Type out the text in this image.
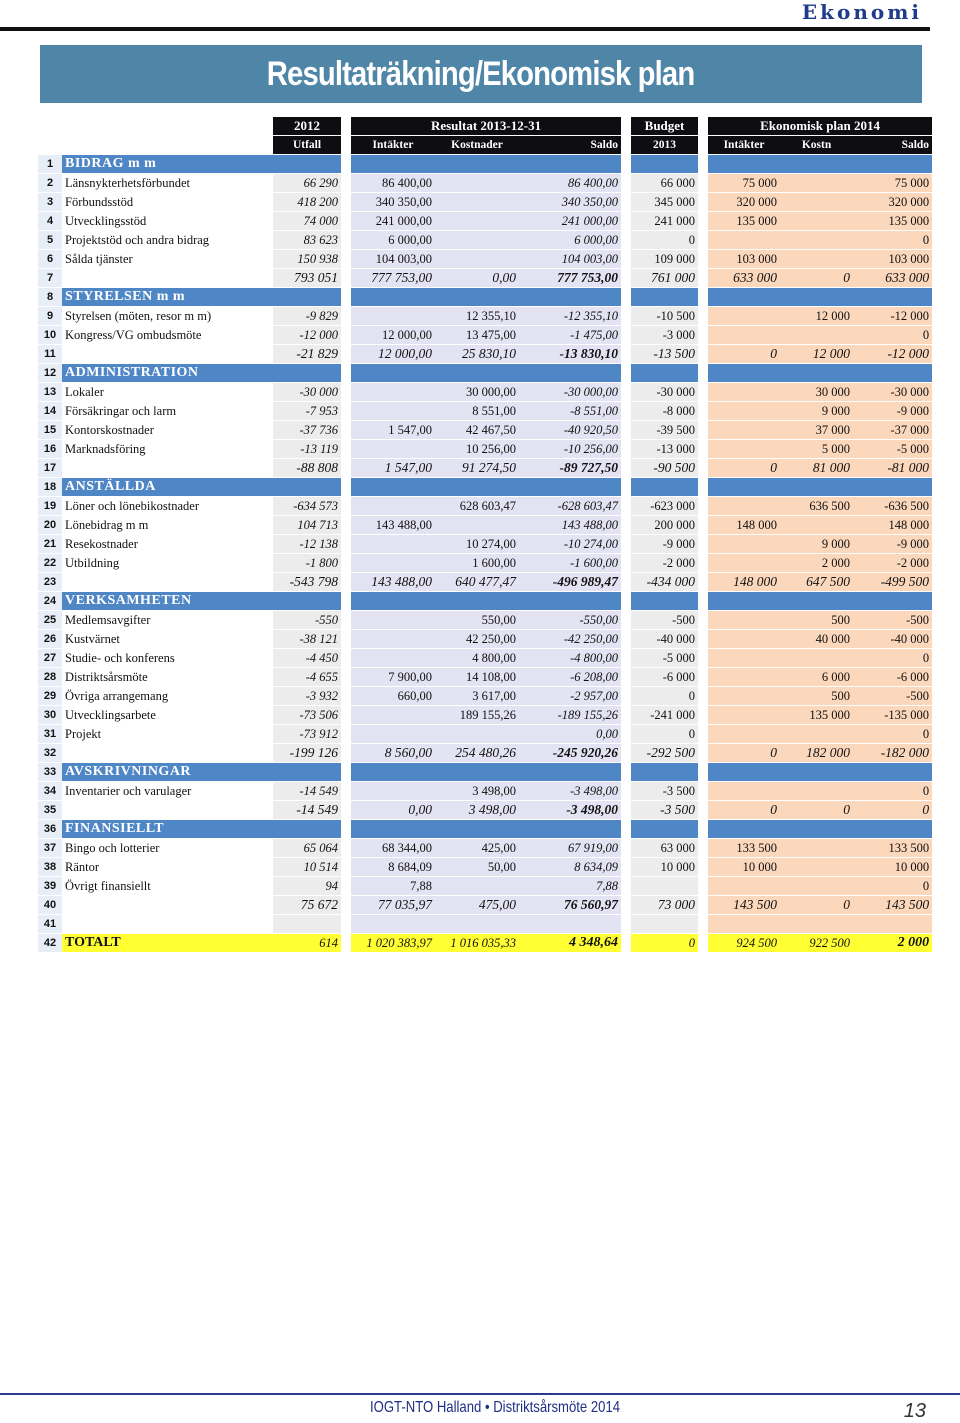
Ekonomi
Resultaträkning/Ekonomisk plan
		2012		Resultat 2013-12-31				Budget		Ekonomisk plan 2014		
		Utfall		Intäkter	Kostnader	Saldo		2013		Intäkter	Kostn	Saldo
1	BIDRAG m m											
2	Länsnykterhetsförbundet	66 290		86 400,00		86 400,00		66 000		75 000		75 000
3	Förbundsstöd	418 200		340 350,00		340 350,00		345 000		320 000		320 000
4	Utvecklingsstöd	74 000		241 000,00		241 000,00		241 000		135 000		135 000
5	Projektstöd och andra bidrag	83 623		6 000,00		6 000,00		0				0
6	Sålda tjänster	150 938		104 003,00		104 003,00		109 000		103 000		103 000
7		793 051		777 753,00	0,00	777 753,00		761 000		633 000	0	633 000
8	STYRELSEN m m											
9	Styrelsen (möten, resor m m)	-9 829			12 355,10	-12 355,10		-10 500			12 000	-12 000
10	Kongress/VG ombudsmöte	-12 000		12 000,00	13 475,00	-1 475,00		-3 000				0
11		-21 829		12 000,00	25 830,10	-13 830,10		-13 500		0	12 000	-12 000
12	ADMINISTRATION											
13	Lokaler	-30 000			30 000,00	-30 000,00		-30 000			30 000	-30 000
14	Försäkringar och larm	-7 953			8 551,00	-8 551,00		-8 000			9 000	-9 000
15	Kontorskostnader	-37 736		1 547,00	42 467,50	-40 920,50		-39 500			37 000	-37 000
16	Marknadsföring	-13 119			10 256,00	-10 256,00		-13 000			5 000	-5 000
17		-88 808		1 547,00	91 274,50	-89 727,50		-90 500		0	81 000	-81 000
18	ANSTÄLLDA											
19	Löner och lönebikostnader	-634 573			628 603,47	-628 603,47		-623 000			636 500	-636 500
20	Lönebidrag m m	104 713		143 488,00		143 488,00		200 000		148 000		148 000
21	Resekostnader	-12 138			10 274,00	-10 274,00		-9 000			9 000	-9 000
22	Utbildning	-1 800			1 600,00	-1 600,00		-2 000			2 000	-2 000
23		-543 798		143 488,00	640 477,47	-496 989,47		-434 000		148 000	647 500	-499 500
24	VERKSAMHETEN											
25	Medlemsavgifter	-550			550,00	-550,00		-500			500	-500
26	Kustvärnet	-38 121			42 250,00	-42 250,00		-40 000			40 000	-40 000
27	Studie- och konferens	-4 450			4 800,00	-4 800,00		-5 000				0
28	Distriktsårsmöte	-4 655		7 900,00	14 108,00	-6 208,00		-6 000			6 000	-6 000
29	Övriga arrangemang	-3 932		660,00	3 617,00	-2 957,00		0			500	-500
30	Utvecklingsarbete	-73 506			189 155,26	-189 155,26		-241 000			135 000	-135 000
31	Projekt	-73 912				0,00		0				0
32		-199 126		8 560,00	254 480,26	-245 920,26		-292 500		0	182 000	-182 000
33	AVSKRIVNINGAR											
34	Inventarier och varulager	-14 549			3 498,00	-3 498,00		-3 500				0
35		-14 549		0,00	3 498,00	-3 498,00		-3 500		0	0	0
36	FINANSIELLT											
37	Bingo och lotterier	65 064		68 344,00	425,00	67 919,00		63 000		133 500		133 500
38	Räntor	10 514		8 684,09	50,00	8 634,09		10 000		10 000		10 000
39	Övrigt finansiellt	94		7,88		7,88						0
40		75 672		77 035,97	475,00	76 560,97		73 000		143 500	0	143 500
41												
42	TOTALT	614		1 020 383,97	1 016 035,33	4 348,64		0		924 500	922 500	2 000
IOGT-NTO Halland • Distriktsårsmöte 2014	13
